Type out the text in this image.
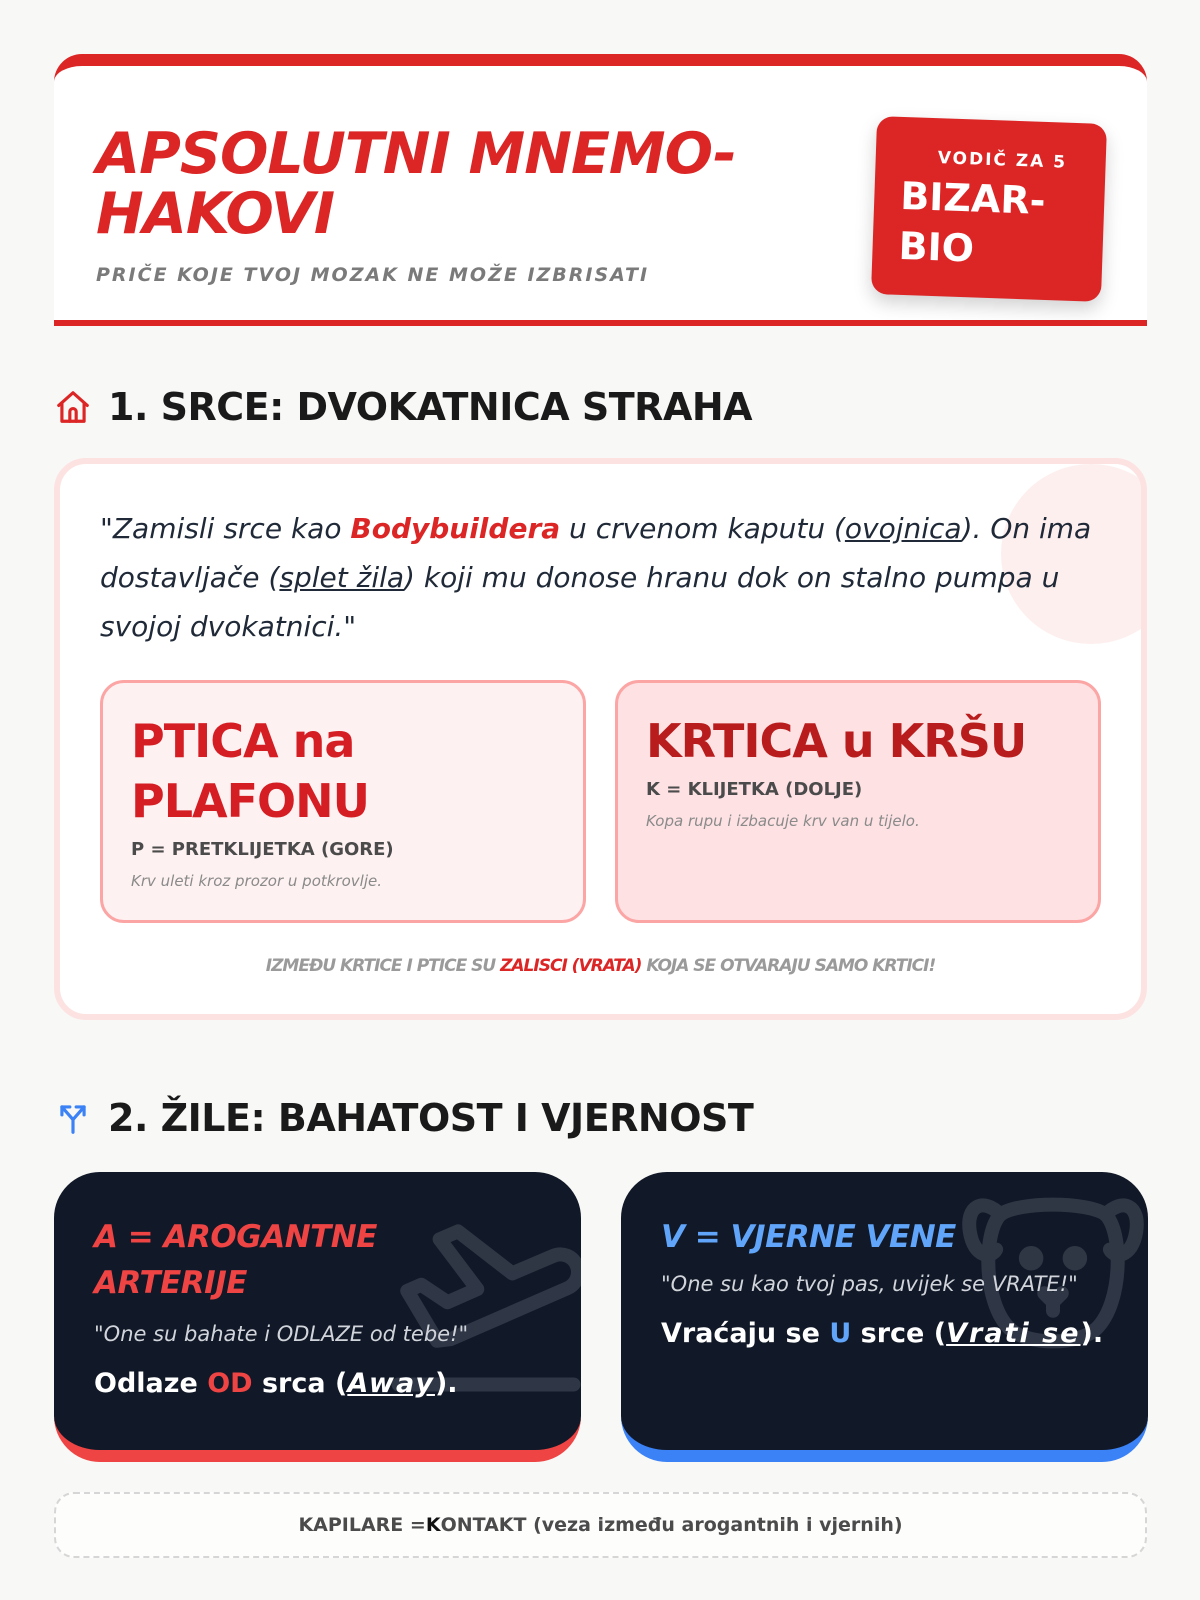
APSOLUTNI MNEMO-HAKOVI
PRIČE KOJE TVOJ MOZAK NE MOŽE IZBRISATI
VODIČ ZA 5
BIZAR-BIO
1. SRCE: DVOKATNICA STRAHA
"Zamisli srce kao Bodybuildera u crvenom kaputu (ovojnica). On ima dostavljače (splet žila) koji mu donose hranu dok on stalno pumpa u svojoj dvokatnici."
PTICA na PLAFONU
P = PRETKLIJETKA (GORE)
Krv uleti kroz prozor u potkrovlje.
KRTICA u KRŠU
K = KLIJETKA (DOLJE)
Kopa rupu i izbacuje krv van u tijelo.
IZMEĐU KRTICE I PTICE SU ZALISCI (VRATA) KOJA SE OTVARAJU SAMO KRTICI!
2. ŽILE: BAHATOST I VJERNOST
A = AROGANTNE ARTERIJE
"One su bahate i ODLAZE od tebe!"
Odlaze OD srca (Away).
V = VJERNE VENE
"One su kao tvoj pas, uvijek se VRATE!"
Vraćaju se U srce (Vrati se).
KAPILARE = K ONTAKT (veza između arogantnih i vjernih)
